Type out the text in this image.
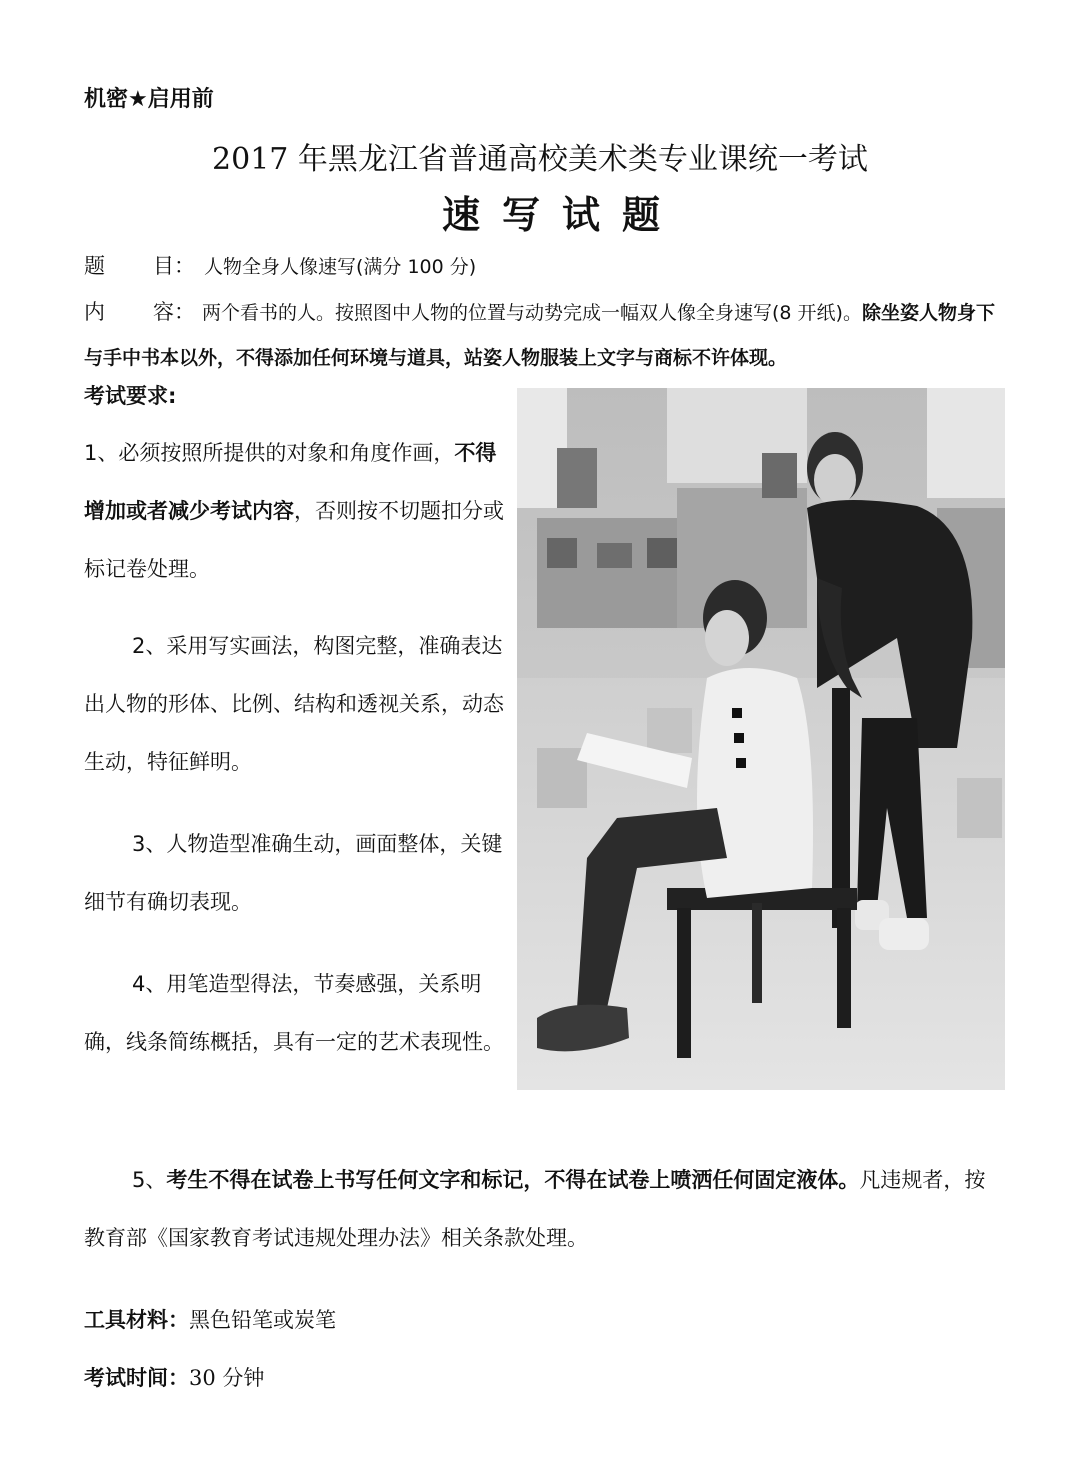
机密★启用前
2017 年黑龙江省普通高校美术类专业课统一考试
速写试题
题 目： 人物全身人像速写(满分 100 分)
内 容： 两个看书的人。按照图中人物的位置与动势完成一幅双人像全身速写(8 开纸)。除坐姿人物身下与手中书本以外，不得添加任何环境与道具，站姿人物服装上文字与商标不许体现。
考试要求:
1、必须按照所提供的对象和角度作画，不得增加或者减少考试内容，否则按不切题扣分或标记卷处理。
2、采用写实画法，构图完整，准确表达出人物的形体、比例、结构和透视关系，动态生动，特征鲜明。
3、人物造型准确生动，画面整体，关键细节有确切表现。
4、用笔造型得法，节奏感强，关系明确，线条简练概括，具有一定的艺术表现性。
5、考生不得在试卷上书写任何文字和标记，不得在试卷上喷洒任何固定液体。凡违规者，按教育部《国家教育考试违规处理办法》相关条款处理。
工具材料：黑色铅笔或炭笔
考试时间：30 分钟
